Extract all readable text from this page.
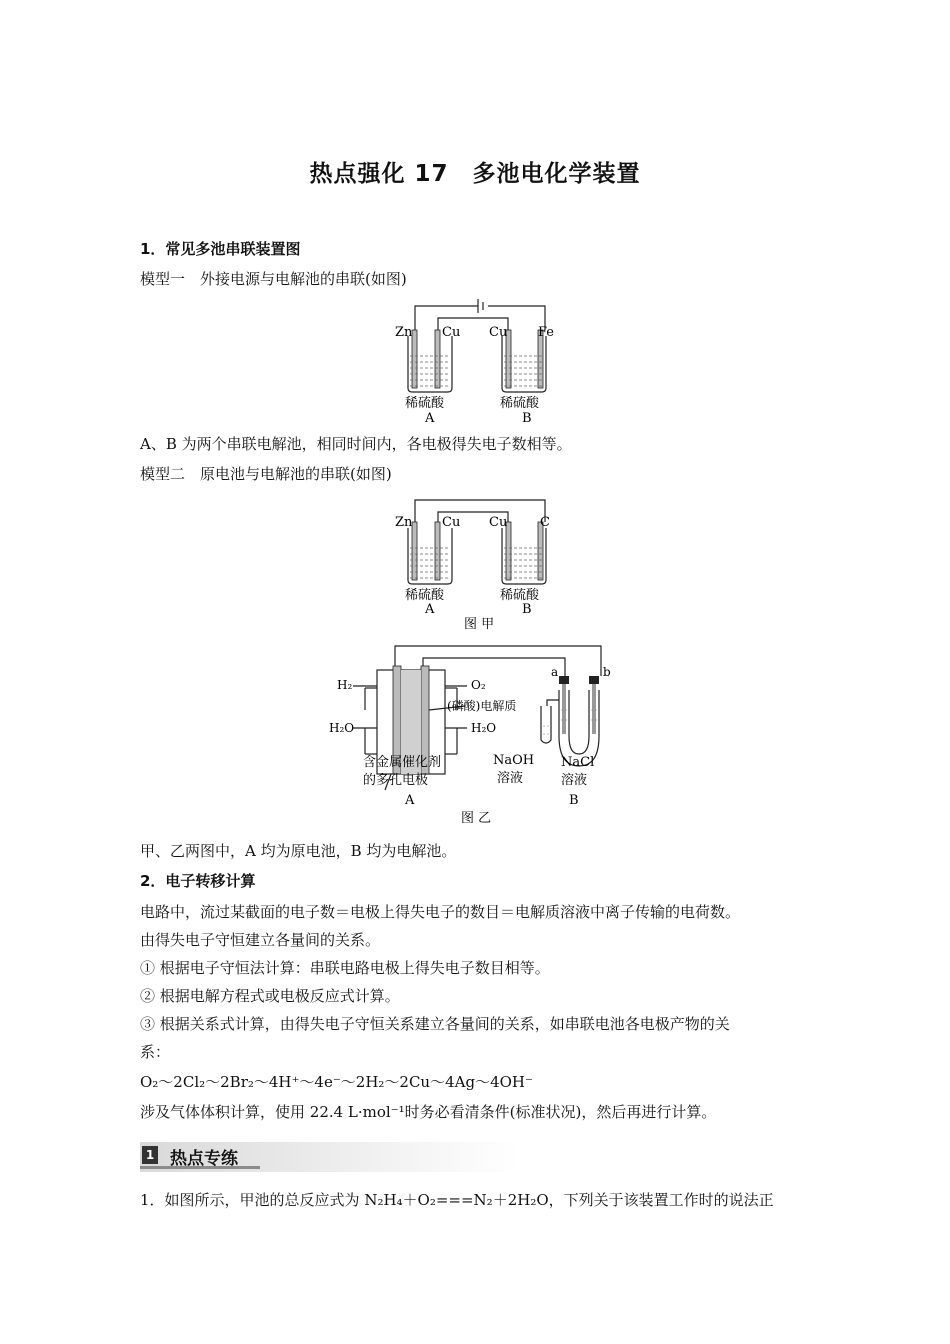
热点强化 17　多池电化学装置
1．常见多池串联装置图
模型一　外接电源与电解池的串联(如图)
Zn Cu Cu Fe
稀硫酸
A
稀硫酸
B
A、B 为两个串联电解池，相同时间内，各电极得失电子数相等。
模型二　原电池与电解池的串联(如图)
Zn Cu Cu	C
稀硫酸
A
稀硫酸
B
图 甲
H₂	O₂
H₂O	H₂O
(磷酸)电解质
含金属催化剂
的多孔电极
A
a	b
NaOH
溶液
NaCl
溶液
B
图 乙
甲、乙两图中，A 均为原电池，B 均为电解池。
2．电子转移计算
电路中，流过某截面的电子数＝电极上得失电子的数目＝电解质溶液中离子传输的电荷数。
由得失电子守恒建立各量间的关系。
① 根据电子守恒法计算：串联电路电极上得失电子数目相等。
② 根据电解方程式或电极反应式计算。
③ 根据关系式计算，由得失电子守恒关系建立各量间的关系，如串联电池各电极产物的关
系：
O₂～2Cl₂～2Br₂～4H⁺～4e⁻～2H₂～2Cu～4Ag～4OH⁻
涉及气体体积计算，使用 22.4 L·mol⁻¹时务必看清条件(标准状况)，然后再进行计算。
1 热点专练
1．如图所示，甲池的总反应式为 N₂H₄＋O₂===N₂＋2H₂O，下列关于该装置工作时的说法正
